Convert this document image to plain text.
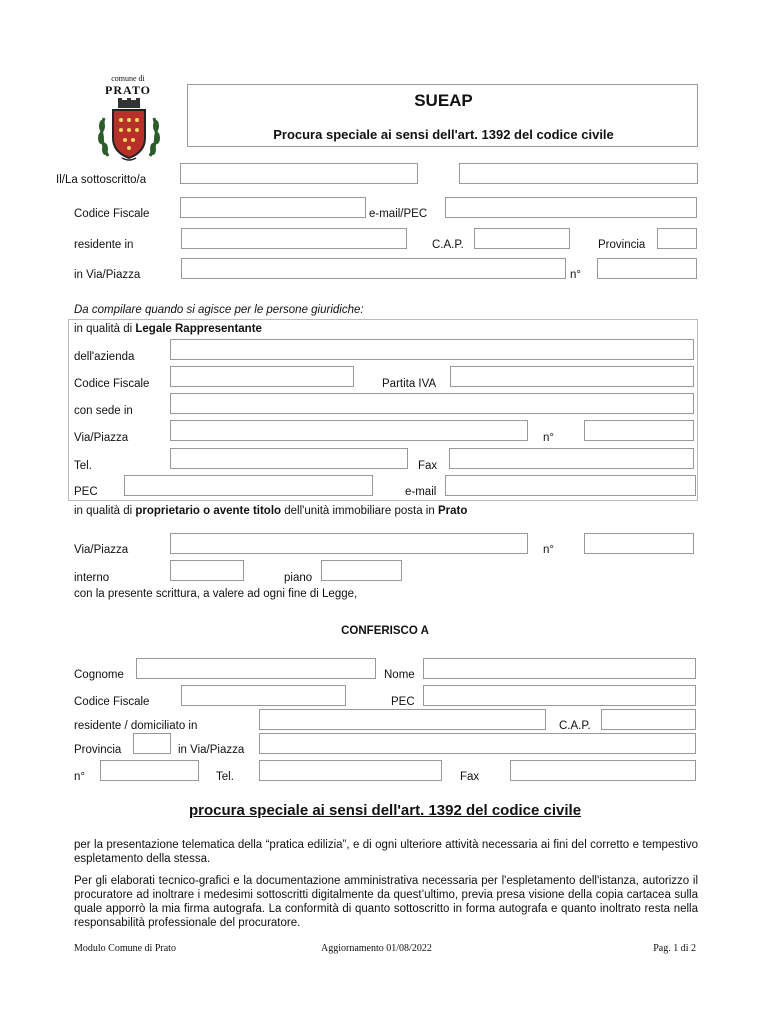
comune di
PRATO
SUEAP
Procura speciale ai sensi dell'art. 1392 del codice civile
Il/La sottoscritto/a
Codice Fiscale	e-mail/PEC
residente in	C.A.P.	Provincia
in Via/Piazza	n°
Da compilare quando si agisce per le persone giuridiche:
in qualità di Legale Rappresentante
dell'azienda
Codice Fiscale	Partita IVA
con sede in
Via/Piazza	n°
Tel.	Fax
PEC	e-mail
in qualità di proprietario o avente titolo dell'unità immobiliare posta in Prato
Via/Piazza	n°
interno	piano
con la presente scrittura, a valere ad ogni fine di Legge,
CONFERISCO A
Cognome	Nome
Codice Fiscale	PEC
residente / domiciliato in	C.A.P.
Provincia	in Via/Piazza
n°	Tel.	Fax
procura speciale ai sensi dell'art. 1392 del codice civile
per la presentazione telematica della “pratica edilizia”, e di ogni ulteriore attività necessaria ai fini del corretto e tempestivo espletamento della stessa.
Per gli elaborati tecnico-grafici e la documentazione amministrativa necessaria per l'espletamento dell'istanza, autorizzo il procuratore ad inoltrare i medesimi sottoscritti digitalmente da quest’ultimo, previa presa visione della copia cartacea sulla quale apporrò la mia firma autografa. La conformità di quanto sottoscritto in forma autografa e quanto inoltrato resta nella responsabilità professionale del procuratore.
Modulo Comune di Prato	Aggiornamento 01/08/2022	Pag. 1 di 2
